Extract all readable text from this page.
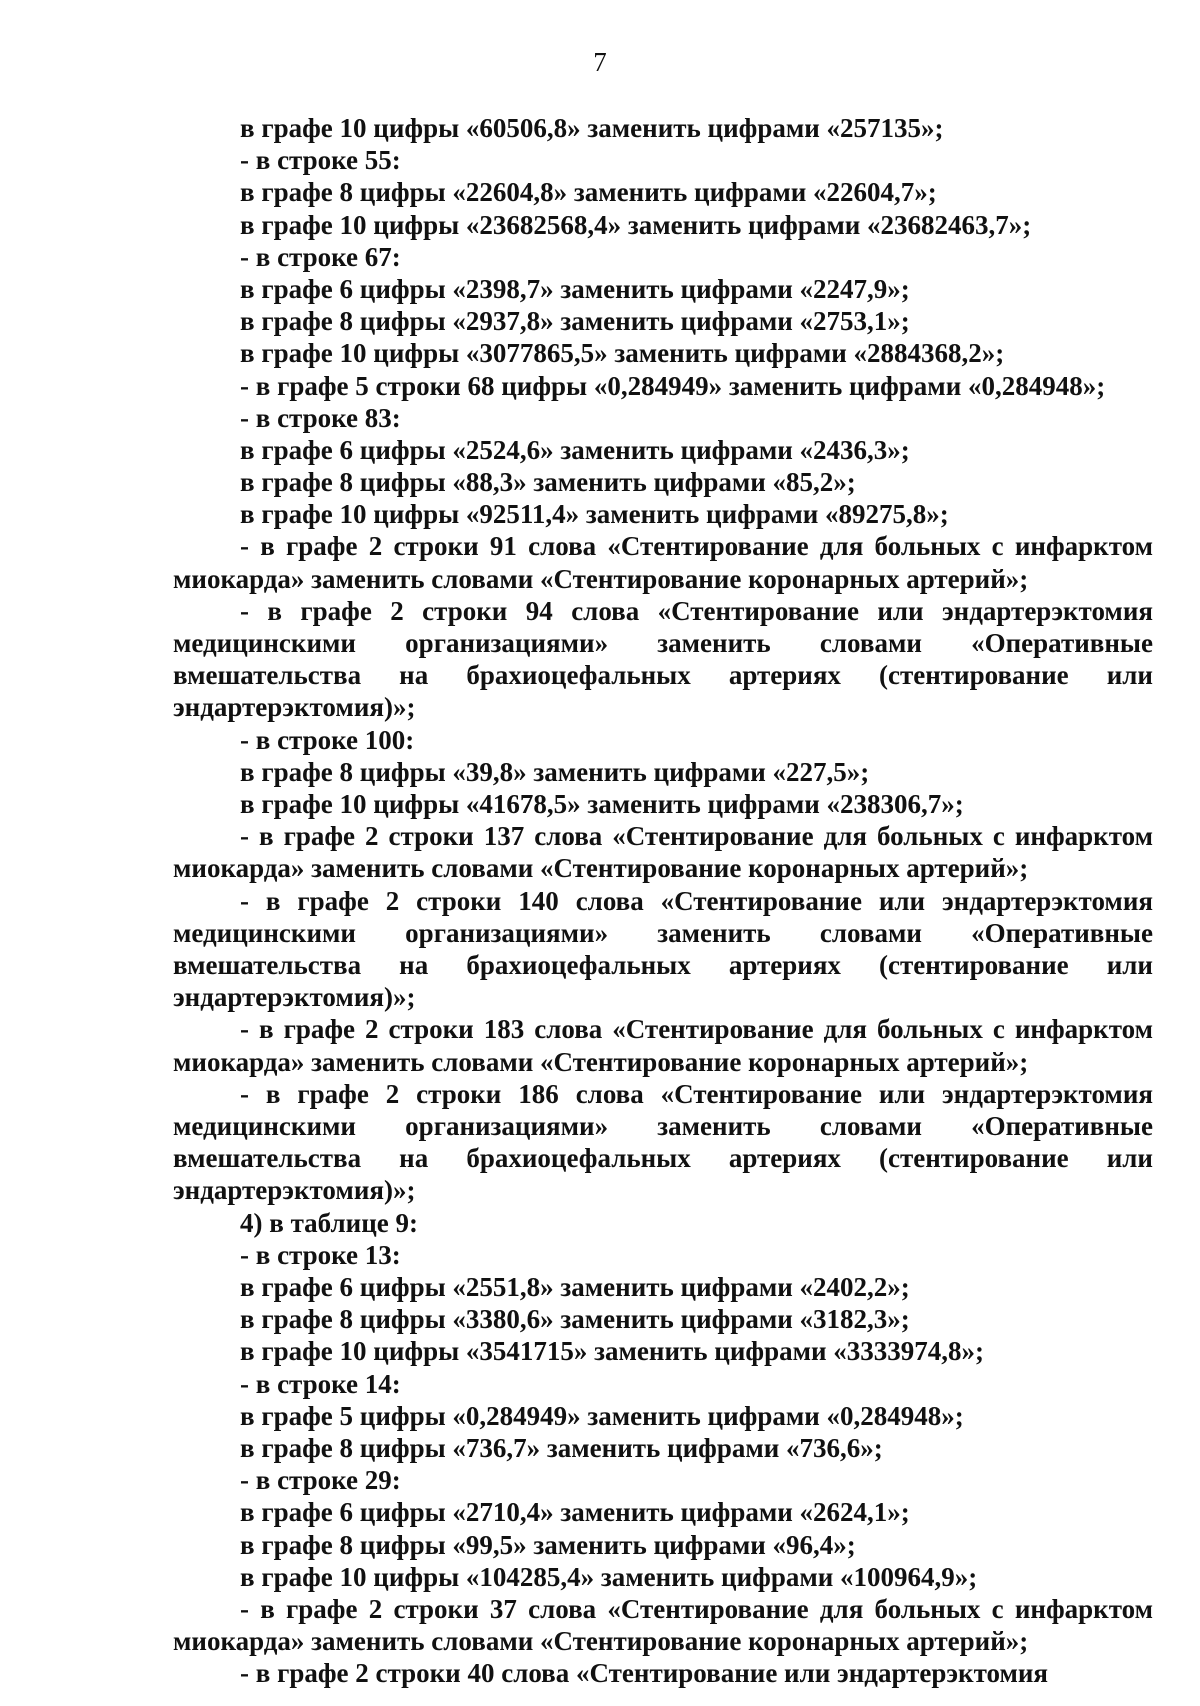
7
в графе 10 цифры «60506,8» заменить цифрами «257135»;
- в строке 55:
в графе 8 цифры «22604,8» заменить цифрами «22604,7»;
в графе 10 цифры «23682568,4» заменить цифрами «23682463,7»;
- в строке 67:
в графе 6 цифры «2398,7» заменить цифрами «2247,9»;
в графе 8 цифры «2937,8» заменить цифрами «2753,1»;
в графе 10 цифры «3077865,5» заменить цифрами «2884368,2»;
- в графе 5 строки 68 цифры «0,284949» заменить цифрами «0,284948»;
- в строке 83:
в графе 6 цифры «2524,6» заменить цифрами «2436,3»;
в графе 8 цифры «88,3» заменить цифрами «85,2»;
в графе 10 цифры «92511,4» заменить цифрами «89275,8»;

- в графе 2 строки 91 слова «Стентирование для больных с инфарктом миокарда» заменить словами «Стентирование коронарных артерий»;

- в графе 2 строки 94 слова «Стентирование или эндартерэктомия медицинскими организациями» заменить словами «Оперативные вмешательства на брахиоцефальных артериях (стентирование или эндартерэктомия)»;

- в строке 100:
в графе 8 цифры «39,8» заменить цифрами «227,5»;
в графе 10 цифры «41678,5» заменить цифрами «238306,7»;

- в графе 2 строки 137 слова «Стентирование для больных с инфарктом миокарда» заменить словами «Стентирование коронарных артерий»;

- в графе 2 строки 140 слова «Стентирование или эндартерэктомия медицинскими организациями» заменить словами «Оперативные вмешательства на брахиоцефальных артериях (стентирование или эндартерэктомия)»;

- в графе 2 строки 183 слова «Стентирование для больных с инфарктом миокарда» заменить словами «Стентирование коронарных артерий»;

- в графе 2 строки 186 слова «Стентирование или эндартерэктомия медицинскими организациями» заменить словами «Оперативные вмешательства на брахиоцефальных артериях (стентирование или эндартерэктомия)»;

4) в таблице 9:
- в строке 13:
в графе 6 цифры «2551,8» заменить цифрами «2402,2»;
в графе 8 цифры «3380,6» заменить цифрами «3182,3»;
в графе 10 цифры «3541715» заменить цифрами «3333974,8»;
- в строке 14:
в графе 5 цифры «0,284949» заменить цифрами «0,284948»;
в графе 8 цифры «736,7» заменить цифрами «736,6»;
- в строке 29:
в графе 6 цифры «2710,4» заменить цифрами «2624,1»;
в графе 8 цифры «99,5» заменить цифрами «96,4»;
в графе 10 цифры «104285,4» заменить цифрами «100964,9»;

- в графе 2 строки 37 слова «Стентирование для больных с инфарктом миокарда» заменить словами «Стентирование коронарных артерий»;

- в графе 2 строки 40 слова «Стентирование или эндартерэктомия
